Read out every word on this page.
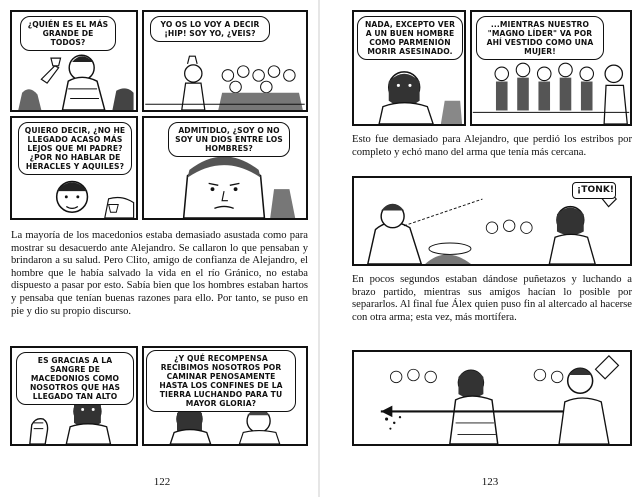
¿QUIÉN ES EL MÁS GRANDE DE TODOS?
YO OS LO VOY A DECIR ¡HIP! SOY YO, ¿VEIS?
QUIERO DECIR, ¿NO HE LLEGADO ACASO MÁS LEJOS QUE MI PADRE? ¿POR NO HABLAR DE HERACLES Y AQUILES?
ADMITIDLO, ¿SOY O NO SOY UN DIOS ENTRE LOS HOMBRES?

La mayoría de los macedonios estaba demasiado asustada como para mostrar su desacuerdo ante Alejandro. Se callaron lo que pensaban y brindaron a su salud. Pero Clito, amigo de confianza de Alejandro, el hombre que le había salvado la vida en el río Gránico, no estaba dispuesto a pasar por esto. Sabía bien que los hombres estaban hartos y pensaba que tenían buenas razones para ello. Por tanto, se puso en pie y dio su propio discurso.

ES GRACIAS A LA SANGRE DE MACEDONIOS COMO NOSOTROS QUE HAS LLEGADO TAN ALTO
¿Y QUÉ RECOMPENSA RECIBIMOS NOSOTROS POR CAMINAR PENOSAMENTE HASTA LOS CONFINES DE LA TIERRA LUCHANDO PARA TU MAYOR GLORIA?
122
NADA, EXCEPTO VER A UN BUEN HOMBRE COMO PARMENIÓN MORIR ASESINADO.
...MIENTRAS NUESTRO "MAGNO LÍDER" VA POR AHÍ VESTIDO COMO UNA MUJER!

Esto fue demasiado para Alejandro, que perdió los estribos por completo y echó mano del arma que tenía más cercana.

¡TONK!

En pocos segundos estaban dándose puñetazos y luchando a brazo partido, mientras sus amigos hacían lo posible por separarlos. Al final fue Álex quien puso fin al altercado al hacerse con otra arma; esta vez, más mortífera.

123
